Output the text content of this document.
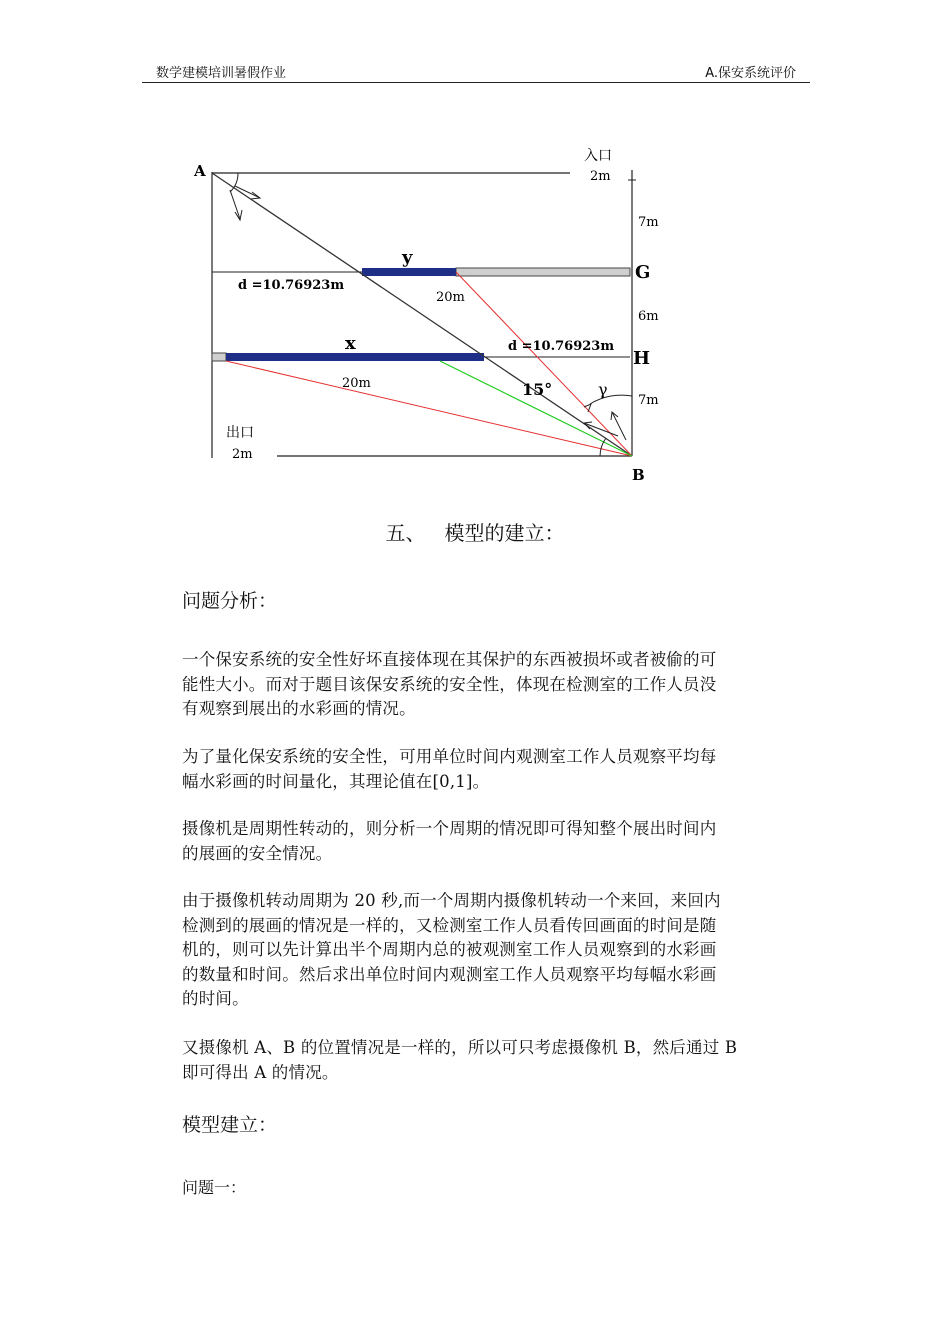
数学建模培训暑假作业	A.保安系统评价
A
B
G
H
入口
2m
出口
2m
7m
6m
7m
y
x
d =10.76923m
d =10.76923m
20m
20m	15°	γ
五、   模型的建立：
问题分析：
一个保安系统的安全性好坏直接体现在其保护的东西被损坏或者被偷的可
能性大小。而对于题目该保安系统的安全性，体现在检测室的工作人员没
有观察到展出的水彩画的情况。
为了量化保安系统的安全性，可用单位时间内观测室工作人员观察平均每
幅水彩画的时间量化，其理论值在[0,1]。
摄像机是周期性转动的，则分析一个周期的情况即可得知整个展出时间内
的展画的安全情况。
由于摄像机转动周期为 20 秒,而一个周期内摄像机转动一个来回，来回内
检测到的展画的情况是一样的，又检测室工作人员看传回画面的时间是随
机的，则可以先计算出半个周期内总的被观测室工作人员观察到的水彩画
的数量和时间。然后求出单位时间内观测室工作人员观察平均每幅水彩画
的时间。
又摄像机 A、B 的位置情况是一样的，所以可只考虑摄像机 B，然后通过 B
即可得出 A 的情况。
模型建立：
问题一：
